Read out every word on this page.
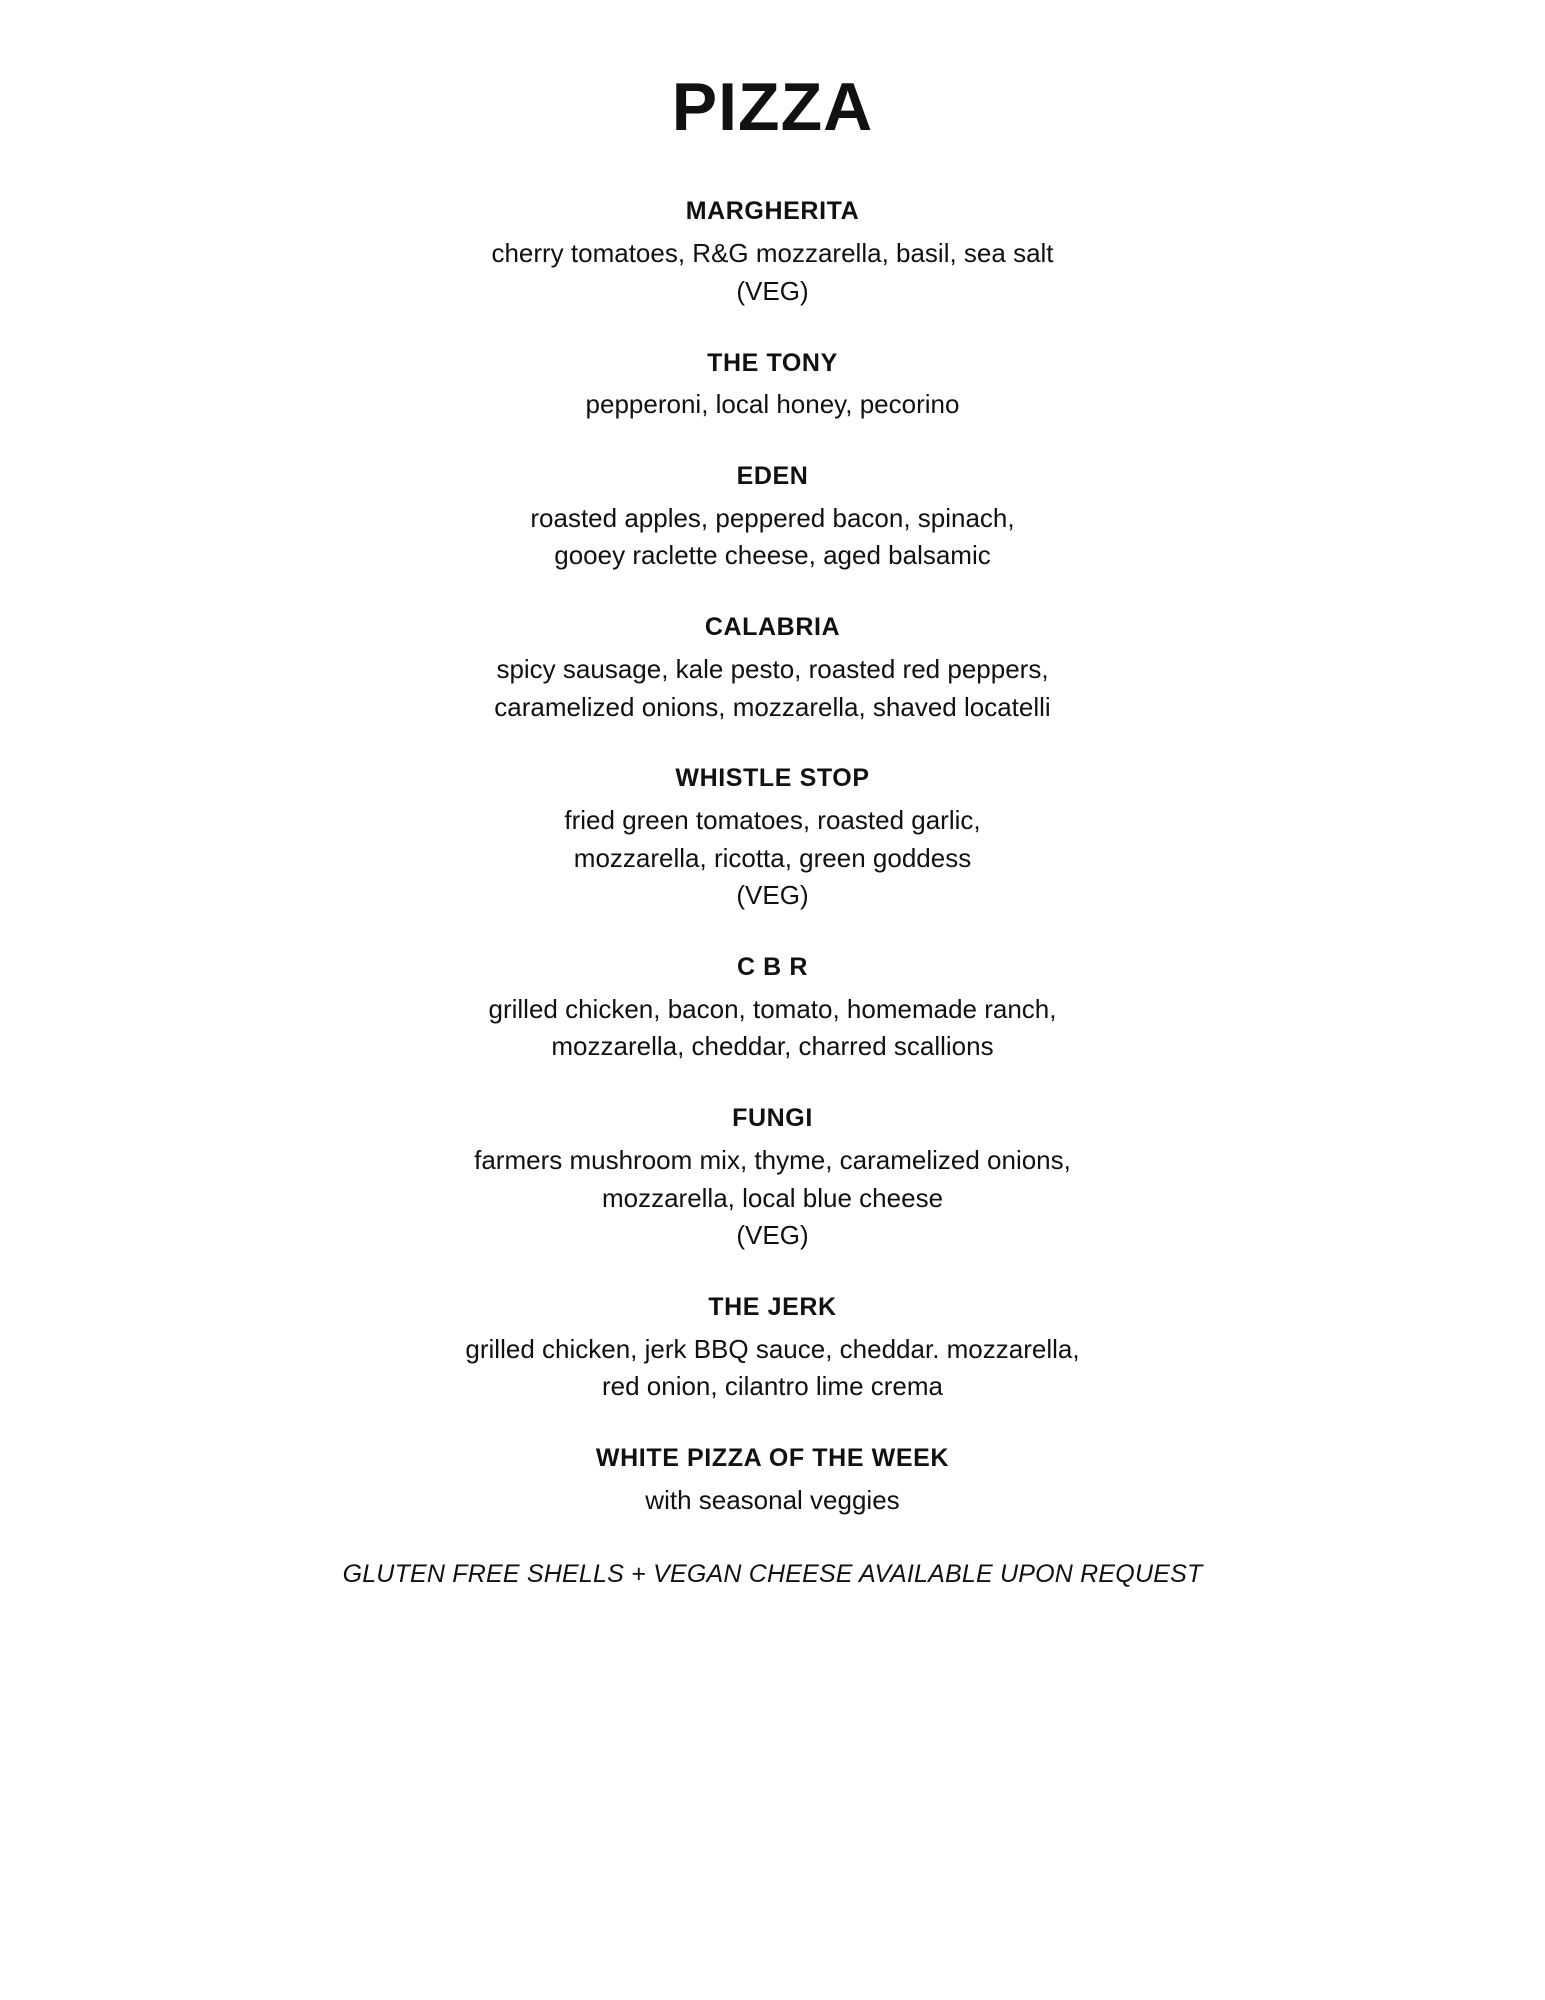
PIZZA
MARGHERITA
cherry tomatoes, R&G mozzarella, basil, sea salt
(VEG)
THE TONY
pepperoni, local honey, pecorino
EDEN
roasted apples, peppered bacon, spinach,
gooey raclette cheese, aged balsamic
CALABRIA
spicy sausage, kale pesto, roasted red peppers,
caramelized onions, mozzarella, shaved locatelli
WHISTLE STOP
fried green tomatoes, roasted garlic,
mozzarella, ricotta, green goddess
(VEG)
C B R
grilled chicken, bacon, tomato, homemade ranch,
mozzarella, cheddar, charred scallions
FUNGI
farmers mushroom mix, thyme, caramelized onions,
mozzarella, local blue cheese
(VEG)
THE JERK
grilled chicken, jerk BBQ sauce, cheddar. mozzarella,
red onion, cilantro lime crema
WHITE PIZZA OF THE WEEK
with seasonal veggies
GLUTEN FREE SHELLS + VEGAN CHEESE AVAILABLE UPON REQUEST
